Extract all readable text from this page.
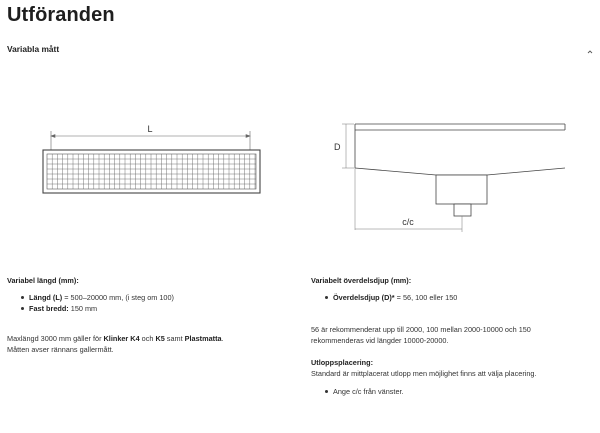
Utföranden
Variabla mått
L
D
c/c
Variabel längd (mm):
Längd (L) = 500–20000 mm, (i steg om 100)
Fast bredd: 150 mm
Maxlängd 3000 mm gäller för Klinker K4 och K5 samt Plastmatta.
Måtten avser rännans gallermått.
Variabelt överdelsdjup (mm):
Överdelsdjup (D)* = 56, 100 eller 150
56 är rekommenderat upp till 2000, 100 mellan 2000-10000 och 150
rekommenderas vid längder 10000-20000.
Utloppsplacering:
Standard är mittplacerat utlopp men möjlighet finns att välja placering.
Ange c/c från vänster.
